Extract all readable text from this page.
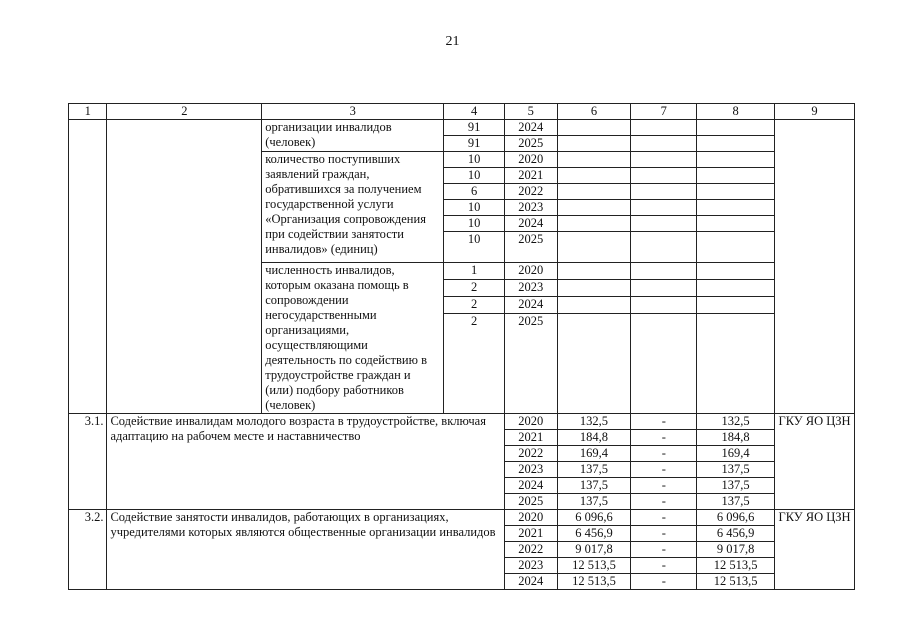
21
1	2	3	4	5	6	7	8	9
		организации инвалидов (человек)	91	2024				
			91	2025				
		количество поступивших заявлений граждан, обратившихся за получением государственной услуги «Организация сопровождения при содействии занятости инвалидов» (единиц)	10	2020				
			10	2021				
			6	2022				
			10	2023				
			10	2024				
			10	2025				
		численность инвалидов, которым оказана помощь в сопровождении негосударственными организациями, осуществляющими деятельность по содействию в трудоустройстве граждан и (или) подбору работников (человек)	1	2020				
			2	2023				
			2	2024				
			2	2025				
3.1.	Содействие инвалидам молодого возраста в трудоустройстве, включая адаптацию на рабочем месте и наставничество			2020	132,5	-	132,5	ГКУ ЯО ЦЗН
				2021	184,8	-	184,8	
				2022	169,4	-	169,4	
				2023	137,5	-	137,5	
				2024	137,5	-	137,5	
				2025	137,5	-	137,5	
3.2.	Содействие занятости инвалидов, работающих в организациях, учредителями которых являются общественные организации инвалидов			2020	6 096,6	-	6 096,6	ГКУ ЯО ЦЗН
				2021	6 456,9	-	6 456,9	
				2022	9 017,8	-	9 017,8	
				2023	12 513,5	-	12 513,5	
				2024	12 513,5	-	12 513,5	
